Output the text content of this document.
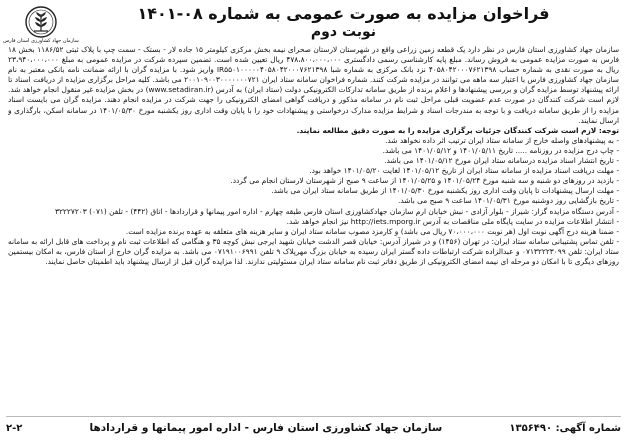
سازمان جهاد کشاورزی استان فارس
فراخوان مزایده به صورت عمومی به شماره ۰۸-۱۴۰۱
نوبت دوم

سازمان جهاد کشاورزی استان فارس در نظر دارد یک قطعه زمین زراعی واقع در شهرستان لارستان صحرای نیمه بخش مرکزی کیلومتر ۱۵ جاده لار - بستک - سمت چپ با پلاک ثبتی ۱۱۸۶/۵۲ بخش ۱۸ فارس به صورت مزایده عمومی به فروش رساند. مبلغ پایه کارشناسی رسمی دادگستری ۴۷۸،۸۰۰،۰۰۰،۰۰۰ ریال تعیین شده است. تضمین سپرده شرکت در مزایده عمومی به مبلغ ۲۳،۹۴۰،۰۰۰،۰۰۰ ریال به صورت نقدی به شماره حساب ۴۰۵۸۰۴۲۰۰۰۷۶۲۱۳۹۸ نزد بانک مرکزی به شماره شبا IR۵۵۰۱۰۰۰۰۰۴۰۵۸۰۴۲۰۰۰۷۶۲۱۳۹۸ واریز شود. با مزایده گران با ارائه ضمانت نامه بانکی معتبر به نام سازمان جهاد کشاورزی فارس با اعتبار سه ماهه می توانند در مزایده شرکت کنند. شماره فراخوان سامانه ستاد ایران ۲۰۰۱۰۹۰۰۳۰۰۰۰۰۰۰۷۲۱ می باشد. کلیه مراحل برگزاری مزایده از دریافت اسناد تا ارائه پیشنهاد توسط مزایده گران و بررسی پیشنهادها و اعلام برنده از طریق سامانه تدارکات الکترونیکی دولت (ستاد ایران) به آدرس (www.setadiran.ir) در بخش مزایده غیر منقول انجام خواهد شد. لازم است شرکت کنندگان در صورت عدم عضویت قبلی مراحل ثبت نام در سامانه مذکور و دریافت گواهی امضای الکترونیکی را جهت شرکت در مزایده انجام دهند. مزایده گران می بایست اسناد مزایده را از طریق سامانه دریافت و با توجه به مندرجات اسناد و شرایط مزایده مدارک درخواستی و پیشنهادات خود را با پایان وقت اداری روز یکشنبه مورخ ۱۴۰۱/۰۵/۳۰ در سامانه اسکن، بارگذاری و ارسال نمایند.

توجه: لازم است شرکت کنندگان جزئیات برگزاری مزایده را به صورت دقیق مطالعه نمایند.

- به پیشنهادهای واصله خارج از سامانه ستاد ایران ترتیب اثر داده نخواهد شد.
- چاپ درج مزایده در روزنامه ..... تاریخ ۱۴۰۱/۰۵/۱۱ و ۱۴۰۱/۰۵/۱۲ می باشد.
- تاریخ انتشار اسناد مزایده درسامانه ستاد ایران مورخ ۱۴۰۱/۰۵/۱۲ می باشد.
- مهلت دریافت اسناد مزایده از سامانه ستاد ایران از تاریخ ۱۴۰۱/۰۵/۱۲ لغایت ۱۴۰۱/۰۵/۲۰ خواهد بود.
- بازدید در روزهای دو شنبه و سه شنبه مورخ ۱۴۰۱/۰۵/۲۴ و ۱۴۰۱/۰۵/۲۵ از ساعت ۹ صبح از شهرستان لارستان انجام می گردد.
- مهلت ارسال پیشنهادات تا پایان وقت اداری روز یکشنبه مورخ ۱۴۰۱/۰۵/۳۰ از طریق سامانه ستاد ایران می باشد.
- تاریخ بازگشایی روز دوشنبه مورخ ۱۴۰۱/۰۵/۳۱ ساعت ۹ صبح می باشد.
- آدرس دستگاه مزایده گزار: شیراز - بلوار آزادی - نبش خیابان ارم سازمان جهادکشاورزی استان فارس طبقه چهارم - اداره امور پیمانها و قراردادها - اتاق (۴۴۲) - تلفن (۰۷۱) ۳۲۲۲۷۲۰۳
- انتشار اطلاعات مزایده در سایت پایگاه ملی مناقصات به آدرس http://iets.mporg.ir نیز انجام خواهد شد.
- ضمنا هزینه درج آگهی نوبت اول (هر نوبت ۷۰،۰۰۰،۰۰۰ ریال می باشد) و کارمزد مصوب سامانه ستاد ایران و سایر هزینه های متعلقه به عهده برنده مزایده است.
- تلفن تماس پشتیبانی سامانه ستاد ایران: در تهران (۱۴۵۶) و در شیراز آدرس: خیابان قصر الدشت خیابان شهید ایرجی نبش کوچه ۳۵ و هنگامی که اطلاعات ثبت نام و پرداخت های قابل ارائه به سامانه ستاد ایران: تلفن ۰۷۱۳۲۲۲۳۰۹۹ و عبدالزاده شرکت ارتباطات داده گستر ایران رسیده به خیابان بزرگ مهرپلاک ۹ تلفن ۰۷۱۹۱۰۰۶۹۹۱ می باشد. به مزایده گران خارج از استان فارس، به امکان بیستمین روزهای دیگری تا با امکان دو مرحله ای نیمه امضای الکترونیکی از طریق دفاتر ثبت نام سامانه ستاد ایران مسئولیتی ندارند. لذا مزایده گران قبل از ارسال پیشنهاد باید اطمینان حاصل نمایند.
شماره آگهی: ۱۳۵۶۴۹۰
سازمان جهاد کشاورزی استان فارس - اداره امور پیمانها و قراردادها
۲-۲
